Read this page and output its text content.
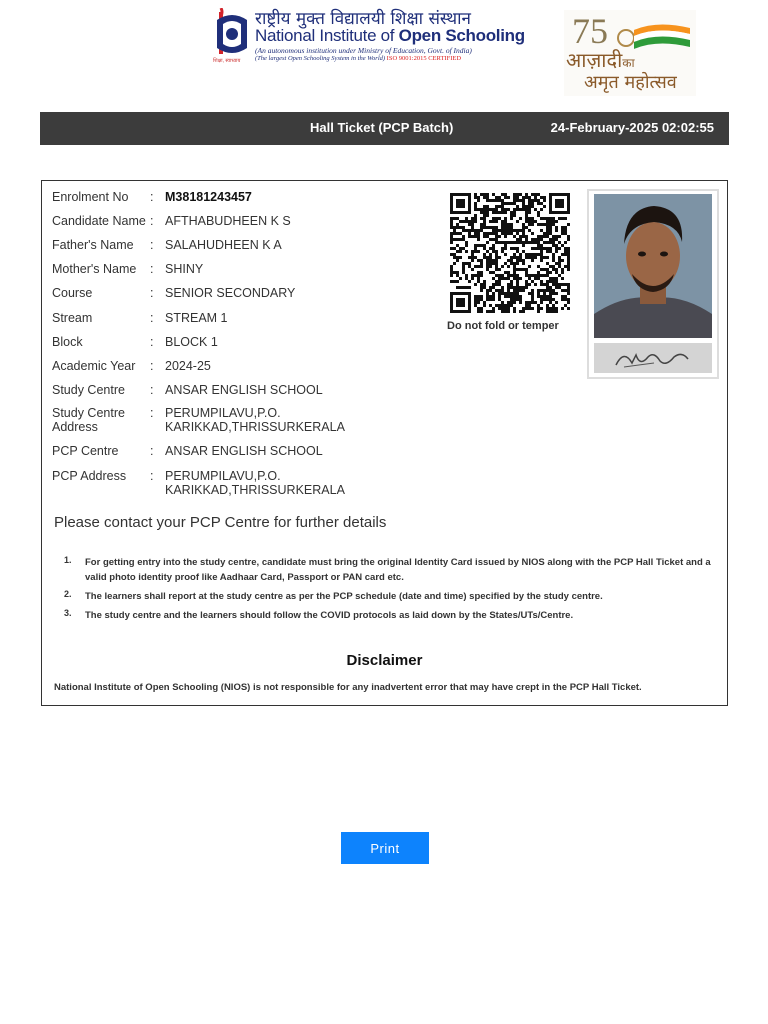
शिक्षा, स्वाध्याय
राष्ट्रीय मुक्त विद्यालयी शिक्षा संस्थान
National Institute of Open Schooling
(An autonomous institution under Ministry of Education, Govt. of India)
(The largest Open Schooling System in the World) ISO 9001:2015 CERTIFIED
75
आज़ादीका
अमृत महोत्सव
Hall Ticket (PCP Batch)	24-February-2025 02:02:55
Enrolment No	: M38181243457
Candidate Name : AFTHABUDHEEN K S
Father's Name	: SALAHUDHEEN K A
Mother's Name	: SHINY
Course	: SENIOR SECONDARY
Stream	: STREAM 1
Block	: BLOCK 1
Academic Year	: 2024-25
Study Centre	: ANSAR ENGLISH SCHOOL
Study Centre Address
: PERUMPILAVU,P.O.
KARIKKAD,THRISSURKERALA
PCP Centre	: ANSAR ENGLISH SCHOOL
PCP Address	: PERUMPILAVU,P.O.
KARIKKAD,THRISSURKERALA
Do not fold or temper
Please contact your PCP Centre for further details
1. For getting entry into the study centre, candidate must bring the original Identity Card issued by NIOS along with the PCP Hall Ticket and a valid photo identity proof like Aadhaar Card, Passport or PAN card etc.
2. The learners shall report at the study centre as per the PCP schedule (date and time) specified by the study centre.
3. The study centre and the learners should follow the COVID protocols as laid down by the States/UTs/Centre.
Disclaimer
National Institute of Open Schooling (NIOS) is not responsible for any inadvertent error that may have crept in the PCP Hall Ticket.
Print
